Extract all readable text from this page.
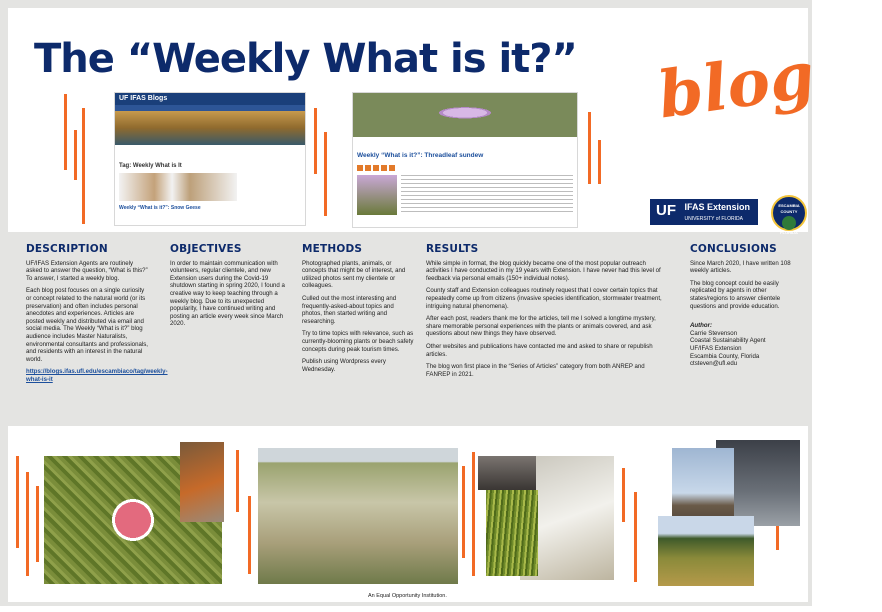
The “Weekly What is it?” blog
UF IFAS Blogs
Tag: Weekly What is It
Weekly “What is it?”: Snow Geese
Weekly “What is it?”: Threadleaf sundew
UF IFAS Extension
UNIVERSITY of FLORIDA
ESCAMBIA COUNTY
FLORIDA
DESCRIPTION

UF/IFAS Extension Agents are routinely asked to answer the question, “What is this?” To answer, I started a weekly blog.

Each blog post focuses on a single curiosity or concept related to the natural world (or its preservation) and often includes personal anecdotes and experiences. Articles are posted weekly and distributed via email and social media. The Weekly “What is it?” blog audience includes Master Naturalists, environmental consultants and professionals, and residents with an interest in the natural world.

https://blogs.ifas.ufl.edu/escambiaco/tag/weekly-what-is-it
OBJECTIVES

In order to maintain communication with volunteers, regular clientele, and new Extension users during the Covid-19 shutdown starting in spring 2020, I found a creative way to keep teaching through a weekly blog. Due to its unexpected popularity, I have continued writing and posting an article every week since March 2020.

METHODS

Photographed plants, animals, or concepts that might be of interest, and utilized photos sent my clientele or colleagues.

Culled out the most interesting and frequently-asked-about topics and photos, then started writing and researching.

Try to time topics with relevance, such as currently-blooming plants or beach safety concepts during peak tourism times.

Publish using Wordpress every Wednesday.

RESULTS

While simple in format, the blog quickly became one of the most popular outreach activities I have conducted in my 19 years with Extension. I have never had this level of feedback via personal emails (150+ individual notes).

County staff and Extension colleagues routinely request that I cover certain topics that repeatedly come up from citizens (invasive species identification, stormwater treatment, intriguing natural phenomena).

After each post, readers thank me for the articles, tell me I solved a longtime mystery, share memorable personal experiences with the plants or animals covered, and ask questions about new things they have observed.

Other websites and publications have contacted me and asked to share or republish articles.

The blog won first place in the “Series of Articles” category from both ANREP and FANREP in 2021.

CONCLUSIONS

Since March 2020, I have written 108 weekly articles.

The blog concept could be easily replicated by agents in other states/regions to answer clientele questions and provide education.

Author:
Carrie Stevenson
Coastal Sustainability Agent
UF/IFAS Extension
Escambia County, Florida
ctsteven@ufl.edu
An Equal Opportunity Institution.
